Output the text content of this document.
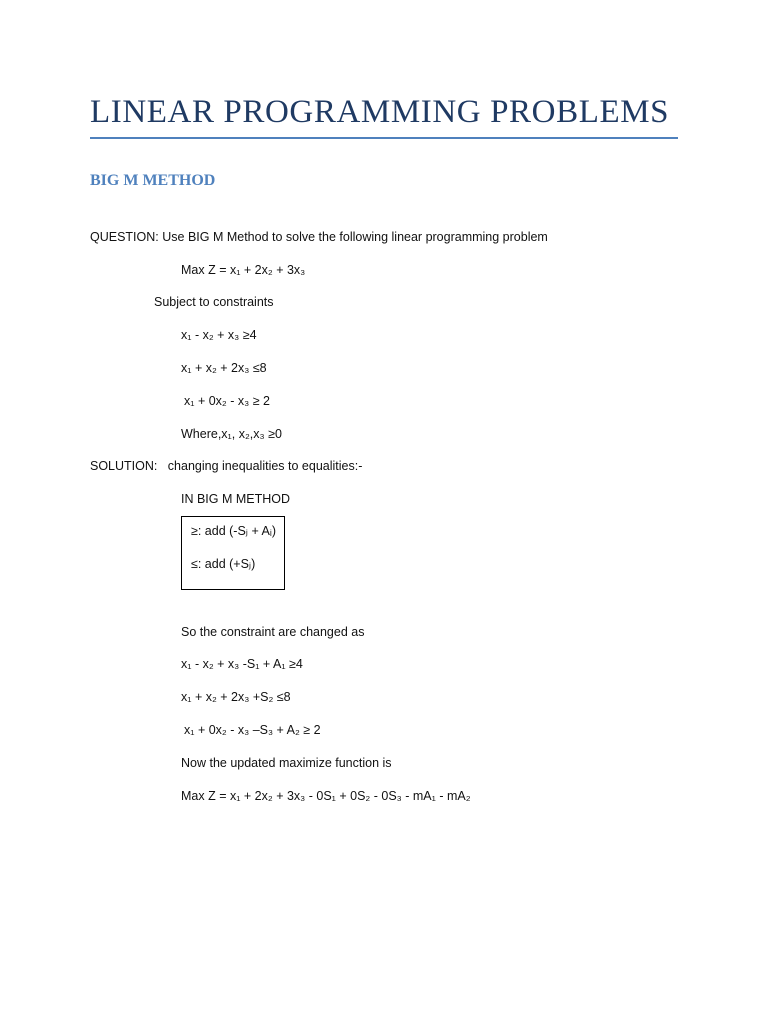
LINEAR PROGRAMMING PROBLEMS
BIG M METHOD
QUESTION: Use BIG M Method to solve the following linear programming problem
Max Z = x₁ + 2x₂ + 3x₃
Subject to constraints
x₁ - x₂ + x₃ ≥4
x₁ + x₂ + 2x₃ ≤8
x₁ + 0x₂ - x₃ ≥ 2
Where,x₁, x₂,x₃ ≥0
SOLUTION: changing inequalities to equalities:-
IN BIG M METHOD
≥: add (-Sⱼ + Aᵢ)
≤: add (+Sⱼ)
So the constraint are changed as
x₁ - x₂ + x₃ -S₁ + A₁ ≥4
x₁ + x₂ + 2x₃ +S₂ ≤8
x₁ + 0x₂ - x₃ –S₃ + A₂ ≥ 2
Now the updated maximize function is
Max Z = x₁ + 2x₂ + 3x₃ - 0S₁ + 0S₂ - 0S₃ - mA₁ - mA₂
